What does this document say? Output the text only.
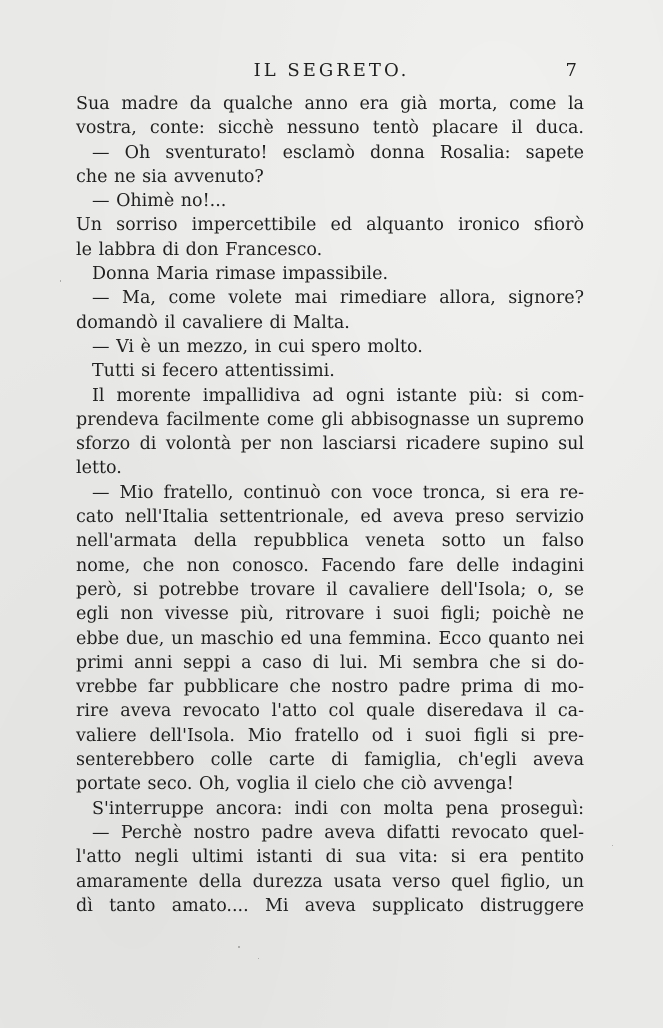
IL SEGRETO.	7
Sua madre da qualche anno era già morta, come la
vostra, conte: sicchè nessuno tentò placare il duca.
— Oh sventurato! esclamò donna Rosalia: sapete
che ne sia avvenuto?
— Ohimè no!...
Un sorriso impercettibile ed alquanto ironico sfiorò
le labbra di don Francesco.
Donna Maria rimase impassibile.
— Ma, come volete mai rimediare allora, signore?
domandò il cavaliere di Malta.
— Vi è un mezzo, in cui spero molto.
Tutti si fecero attentissimi.
Il morente impallidiva ad ogni istante più: si com-
prendeva facilmente come gli abbisognasse un supremo
sforzo di volontà per non lasciarsi ricadere supino sul
letto.
— Mio fratello, continuò con voce tronca, si era re-
cato nell'Italia settentrionale, ed aveva preso servizio
nell'armata della repubblica veneta sotto un falso
nome, che non conosco. Facendo fare delle indagini
però, si potrebbe trovare il cavaliere dell'Isola; o, se
egli non vivesse più, ritrovare i suoi figli; poichè ne
ebbe due, un maschio ed una femmina. Ecco quanto nei
primi anni seppi a caso di lui. Mi sembra che si do-
vrebbe far pubblicare che nostro padre prima di mo-
rire aveva revocato l'atto col quale diseredava il ca-
valiere dell'Isola. Mio fratello od i suoi figli si pre-
senterebbero colle carte di famiglia, ch'egli aveva
portate seco. Oh, voglia il cielo che ciò avvenga!
S'interruppe ancora: indi con molta pena proseguì:
— Perchè nostro padre aveva difatti revocato quel-
l'atto negli ultimi istanti di sua vita: si era pentito
amaramente della durezza usata verso quel figlio, un
dì tanto amato.... Mi aveva supplicato distruggere
